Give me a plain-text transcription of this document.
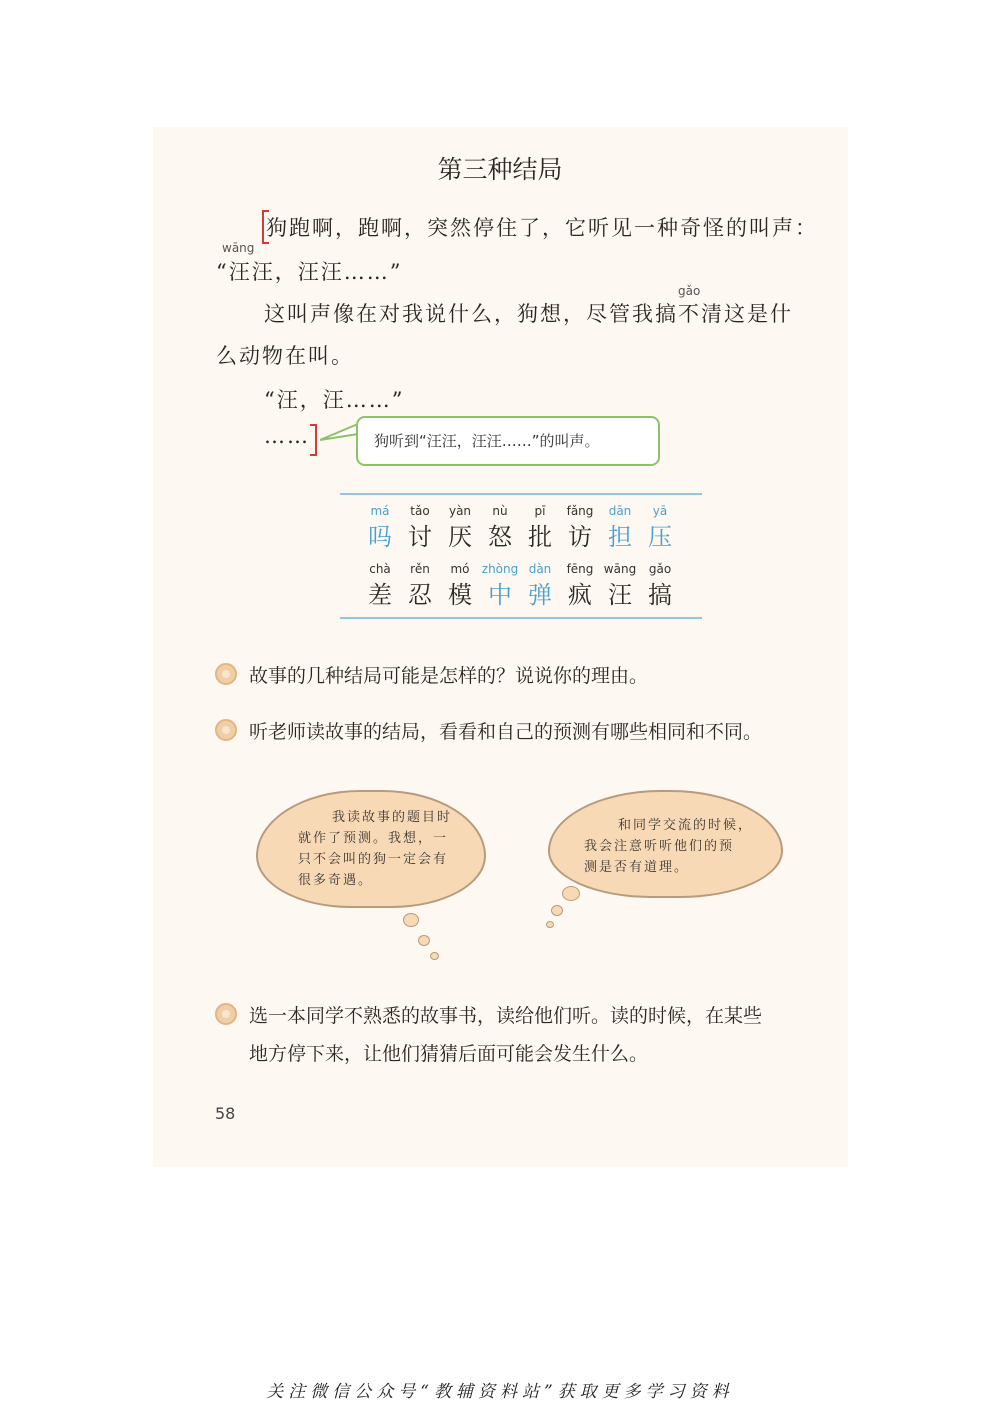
第三种结局
狗跑啊，跑啊，突然停住了，它听见一种奇怪的叫声：
wāng
“汪汪，汪汪……”
gǎo
这叫声像在对我说什么，狗想，尽管我搞不清这是什
么动物在叫。
“汪，汪……”
……	狗听到“汪汪，汪汪……”的叫声。
má
吗
tǎo
讨
yàn
厌
nù
怒
pī
批
fǎng
访
dān
担
yā
压
chà
差
rěn
忍
mó
模
zhòng
中
dàn
弹
fēng
疯
wāng
汪
gǎo
搞
故事的几种结局可能是怎样的？说说你的理由。
听老师读故事的结局，看看和自己的预测有哪些相同和不同。
我读故事的题目时
就作了预测。我想，一
只不会叫的狗一定会有
很多奇遇。
和同学交流的时候，
我会注意听听他们的预
测是否有道理。
选一本同学不熟悉的故事书，读给他们听。读的时候，在某些
地方停下来，让他们猜猜后面可能会发生什么。
58
关注微信公众号“教辅资料站”获取更多学习资料
